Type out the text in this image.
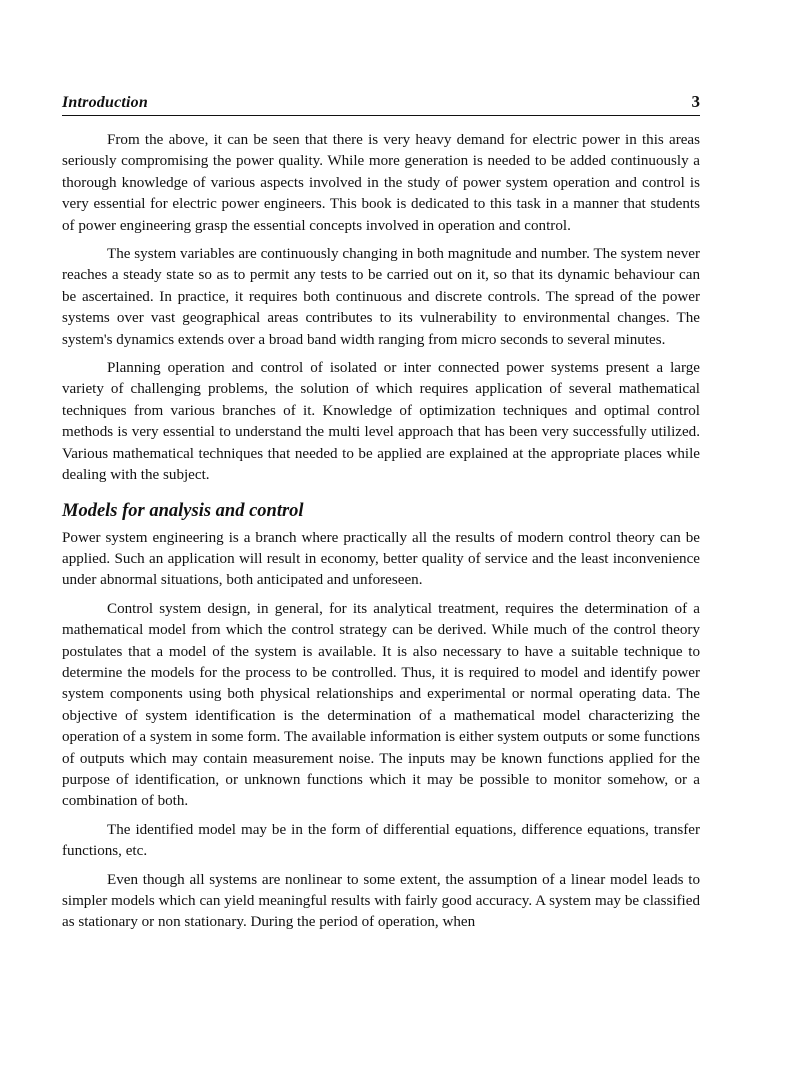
Introduction	3

From the above, it can be seen that there is very heavy demand for electric power in this areas seriously compromising the power quality. While more generation is needed to be added continuously a thorough knowledge of various aspects involved in the study of power system operation and control is very essential for electric power engineers. This book is dedicated to this task in a manner that students of power engineering grasp the essential concepts involved in operation and control.

The system variables are continuously changing in both magnitude and number. The system never reaches a steady state so as to permit any tests to be carried out on it, so that its dynamic behaviour can be ascertained. In practice, it requires both continuous and discrete controls. The spread of the power systems over vast geographical areas contributes to its vulnerability to environmental changes. The system's dynamics extends over a broad band width ranging from micro seconds to several minutes.

Planning operation and control of isolated or inter connected power systems present a large variety of challenging problems, the solution of which requires application of several mathematical techniques from various branches of it. Knowledge of optimization techniques and optimal control methods is very essential to understand the multi level approach that has been very successfully utilized. Various mathematical techniques that needed to be applied are explained at the appropriate places while dealing with the subject.

Models for analysis and control

Power system engineering is a branch where practically all the results of modern control theory can be applied. Such an application will result in economy, better quality of service and the least inconvenience under abnormal situations, both anticipated and unforeseen.

Control system design, in general, for its analytical treatment, requires the determination of a mathematical model from which the control strategy can be derived. While much of the control theory postulates that a model of the system is available. It is also necessary to have a suitable technique to determine the models for the process to be controlled. Thus, it is required to model and identify power system components using both physical relationships and experimental or normal operating data. The objective of system identification is the determination of a mathematical model characterizing the operation of a system in some form. The available information is either system outputs or some functions of outputs which may contain measurement noise. The inputs may be known functions applied for the purpose of identification, or unknown functions which it may be possible to monitor somehow, or a combination of both.

The identified model may be in the form of differential equations, difference equations, transfer functions, etc.

Even though all systems are nonlinear to some extent, the assumption of a linear model leads to simpler models which can yield meaningful results with fairly good accuracy. A system may be classified as stationary or non stationary. During the period of operation, when
